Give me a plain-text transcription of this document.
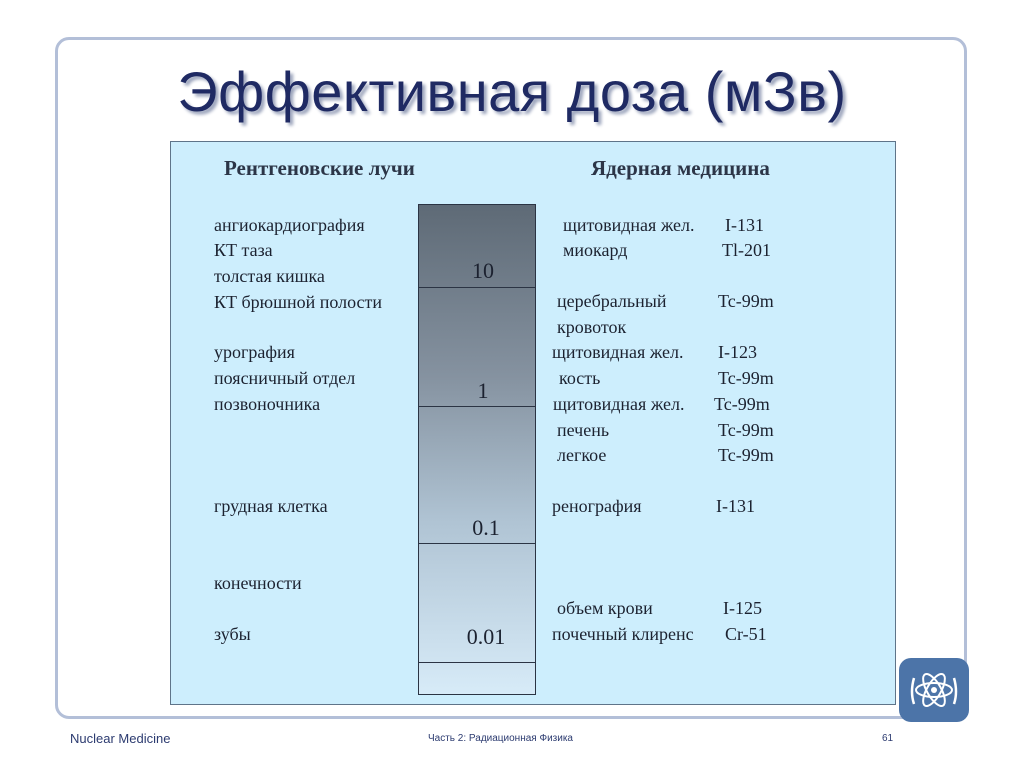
Эффективная доза (мЗв)
Рентгеновские лучи	Ядерная медицина
ангиокардиография
КТ таза
толстая кишка
КТ брюшной полости
урография
поясничный отдел
позвоночника
грудная клетка
конечности
зубы
10
1
0.1
0.01
щитовидная жел. I-131
миокард	Tl-201
церебральный	Tc-99m
кровоток
щитовидная жел. I-123
кость	Tc-99m
щитовидная жел. Tc-99m
печень	Tc-99m
легкое	Tc-99m
ренография	I-131
объем крови	I-125
почечный клиренс Cr-51
Nuclear Medicine	Часть 2: Радиационная Физика	61
